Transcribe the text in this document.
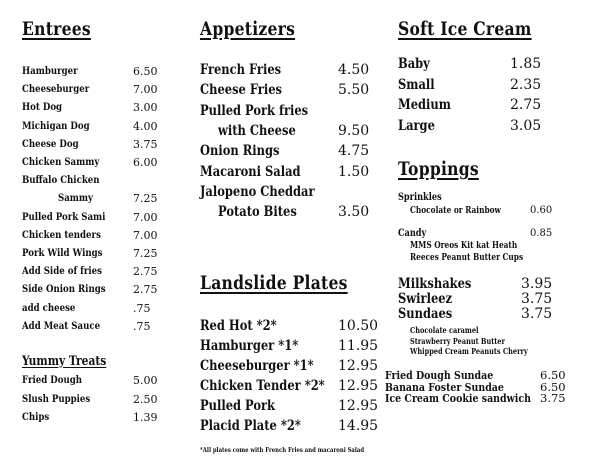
Entrees
Hamburger	6.50
Cheeseburger	7.00
Hot Dog	3.00
Michigan Dog	4.00
Cheese Dog	3.75
Chicken Sammy	6.00
Buffalo Chicken
Sammy	7.25
Pulled Pork Sami	7.00
Chicken tenders	7.00
Pork Wild Wings	7.25
Add Side of fries	2.75
Side Onion Rings 2.75
add cheese	.75
Add Meat Sauce	.75
Yummy Treats
Fried Dough	5.00
Slush Puppies	2.50
Chips	1.39
Appetizers
French Fries	4.50
Cheese Fries	5.50
Pulled Pork fries
with Cheese	9.50
Onion Rings	4.75
Macaroni Salad	1.50
Jalopeno Cheddar
Potato Bites	3.50
Landslide Plates
Red Hot *2*	10.50
Hamburger *1*	11.95
Cheeseburger *1* 12.95
Chicken Tender *2* 12.95
Pulled Pork	12.95
Placid Plate *2*	14.95
*All plates come with French Fries and macaroni Salad
Soft Ice Cream
Baby	1.85
Small	2.35
Medium	2.75
Large	3.05
Toppings
Sprinkles
Chocolate or Rainbow	0.60
Candy	0.85
MMS Oreos Kit kat Heath
Reeces Peanut Butter Cups
Milkshakes	3.95
Swirleez	3.75
Sundaes	3.75
Chocolate caramel
Strawberry Peanut Butter
Whipped Cream Peanuts Cherry
Fried Dough Sundae	6.50
Banana Foster Sundae	6.50
Ice Cream Cookie sandwich 3.75
